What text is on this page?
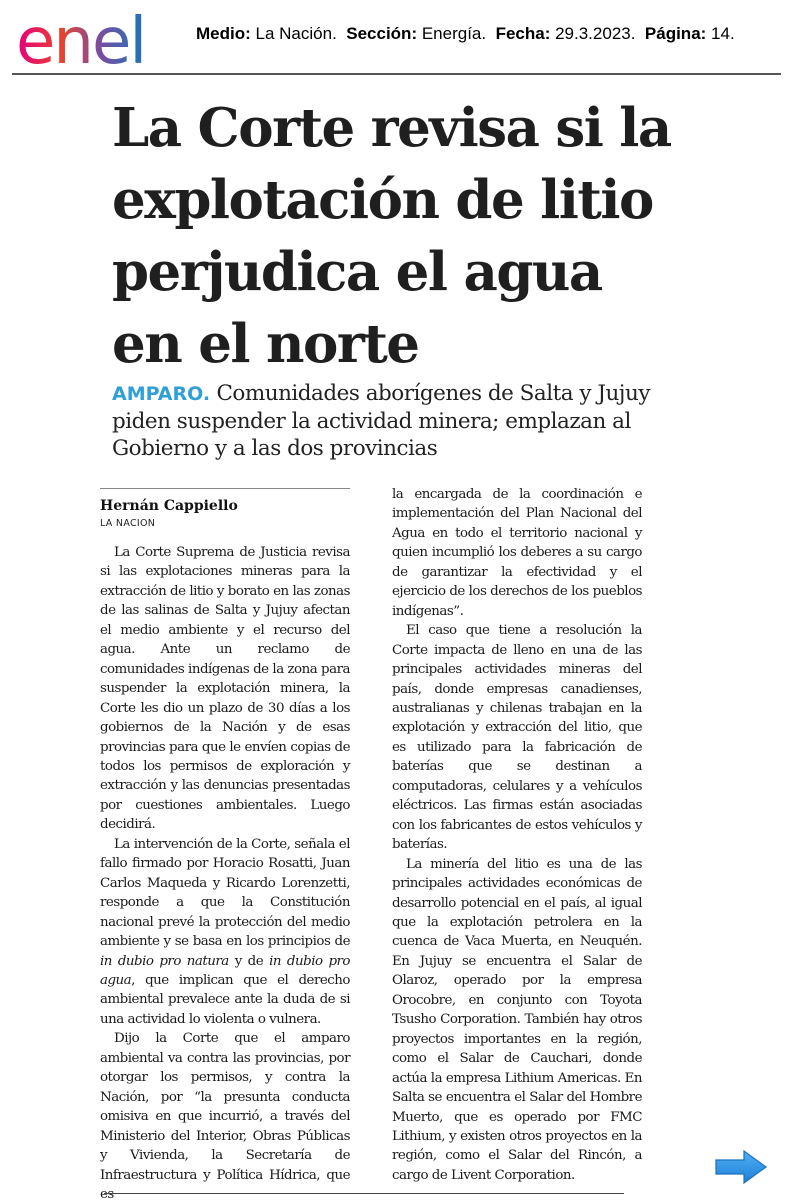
enel	Medio: La Nación. Sección: Energía. Fecha: 29.3.2023. Página: 14.
La Corte revisa si la explotación de litio perjudica el agua en el norte

AMPARO. Comunidades aborígenes de Salta y Jujuy piden suspender la actividad minera; emplazan al Gobierno y a las dos provincias

Hernán Cappiello
LA NACION

La Corte Suprema de Justicia revisa si las explotaciones mineras para la extracción de litio y borato en las zonas de las salinas de Salta y Jujuy afectan el medio ambiente y el recurso del agua. Ante un reclamo de comunidades indígenas de la zona para suspender la explotación minera, la Corte les dio un plazo de 30 días a los gobiernos de la Nación y de esas provincias para que le envíen copias de todos los permisos de exploración y extracción y las denuncias presentadas por cuestiones ambientales. Luego decidirá.

La intervención de la Corte, señala el fallo firmado por Horacio Rosatti, Juan Carlos Maqueda y Ricardo Lorenzetti, responde a que la Constitución nacional prevé la protección del medio ambiente y se basa en los principios de in dubio pro natura y de in dubio pro agua, que implican que el derecho ambiental prevalece ante la duda de si una actividad lo violenta o vulnera.

Dijo la Corte que el amparo ambiental va contra las provincias, por otorgar los permisos, y contra la Nación, por “la presunta conducta omisiva en que incurrió, a través del Ministerio del Interior, Obras Públicas y Vivienda, la Secretaría de Infraestructura y Política Hídrica, que es

la encargada de la coordinación e implementación del Plan Nacional del Agua en todo el territorio nacional y quien incumplió los deberes a su cargo de garantizar la efectividad y el ejercicio de los derechos de los pueblos indígenas”.

El caso que tiene a resolución la Corte impacta de lleno en una de las principales actividades mineras del país, donde empresas canadienses, australianas y chilenas trabajan en la explotación y extracción del litio, que es utilizado para la fabricación de baterías que se destinan a computadoras, celulares y a vehículos eléctricos. Las firmas están asociadas con los fabricantes de estos vehículos y baterías.

La minería del litio es una de las principales actividades económicas de desarrollo potencial en el país, al igual que la explotación petrolera en la cuenca de Vaca Muerta, en Neuquén. En Jujuy se encuentra el Salar de Olaroz, operado por la empresa Orocobre, en conjunto con Toyota Tsusho Corporation. También hay otros proyectos importantes en la región, como el Salar de Cauchari, donde actúa la empresa Lithium Americas. En Salta se encuentra el Salar del Hombre Muerto, que es operado por FMC Lithium, y existen otros proyectos en la región, como el Salar del Rincón, a cargo de Livent Corporation.
